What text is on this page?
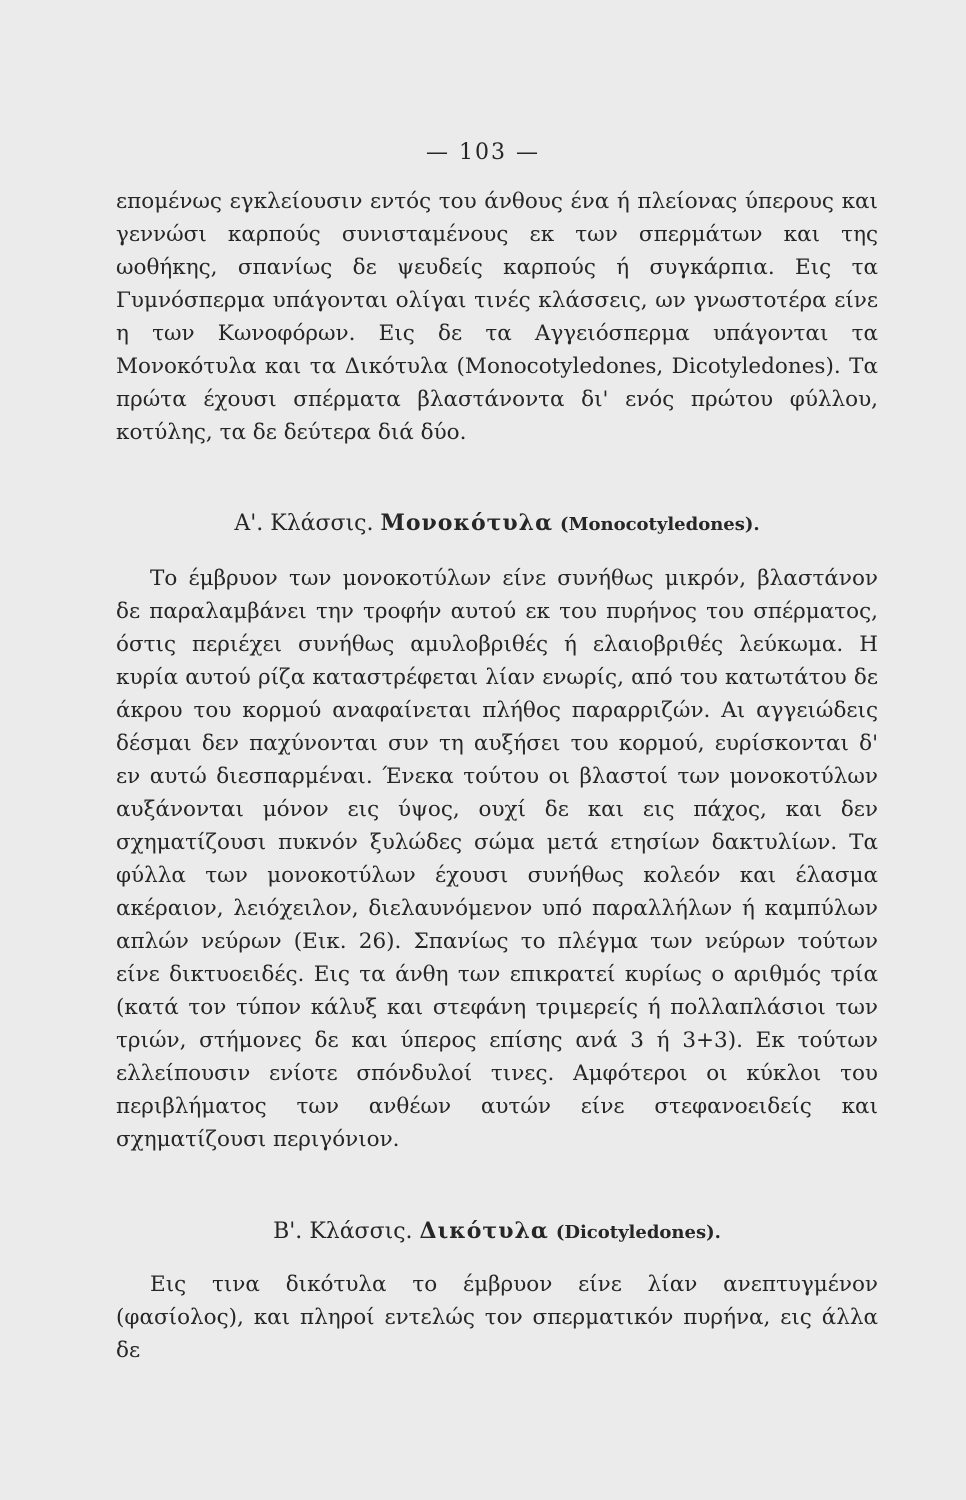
— 103 —

επομένως εγκλείουσιν εντός του άνθους ένα ή πλείονας ύπερους και γεννώσι καρπούς συνισταμένους εκ των σπερμάτων και της ωοθήκης, σπανίως δε ψευδείς καρπούς ή συγκάρπια. Εις τα Γυμνόσπερμα υπάγονται ολίγαι τινές κλάσσεις, ων γνωστοτέρα είνε η των Κωνοφόρων. Εις δε τα Αγγειόσπερμα υπάγονται τα Μονοκότυλα και τα Δικότυλα (Monocotyledones, Dicotyledones). Τα πρώτα έχουσι σπέρματα βλαστάνοντα δι' ενός πρώτου φύλλου, κοτύλης, τα δε δεύτερα διά δύο.

Α'. Κλάσσις. Μονοκότυλα (Monocotyledones).

Το έμβρυον των μονοκοτύλων είνε συνήθως μικρόν, βλαστάνον δε παραλαμβάνει την τροφήν αυτού εκ του πυρήνος του σπέρματος, όστις περιέχει συνήθως αμυλοβριθές ή ελαιοβριθές λεύκωμα. Η κυρία αυτού ρίζα καταστρέφεται λίαν ενωρίς, από του κατωτάτου δε άκρου του κορμού αναφαίνεται πλήθος παραρριζών. Αι αγγειώδεις δέσμαι δεν παχύνονται συν τη αυξήσει του κορμού, ευρίσκονται δ' εν αυτώ διεσπαρμέναι. Ένεκα τούτου οι βλαστοί των μονοκοτύλων αυξάνονται μόνον εις ύψος, ουχί δε και εις πάχος, και δεν σχηματίζουσι πυκνόν ξυλώδες σώμα μετά ετησίων δακτυλίων. Τα φύλλα των μονοκοτύλων έχουσι συνήθως κολεόν και έλασμα ακέραιον, λειόχειλον, διελαυνόμενον υπό παραλλήλων ή καμπύλων απλών νεύρων (Εικ. 26). Σπανίως το πλέγμα των νεύρων τούτων είνε δικτυοειδές. Εις τα άνθη των επικρατεί κυρίως ο αριθμός τρία (κατά τον τύπον κάλυξ και στεφάνη τριμερείς ή πολλαπλάσιοι των τριών, στήμονες δε και ύπερος επίσης ανά 3 ή 3+3). Εκ τούτων ελλείπουσιν ενίοτε σπόνδυλοί τινες. Αμφότεροι οι κύκλοι του περιβλήματος των ανθέων αυτών είνε στεφανοειδείς και σχηματίζουσι περιγόνιον.

Β'. Κλάσσις. Δικότυλα (Dicotyledones).

Εις τινα δικότυλα το έμβρυον είνε λίαν ανεπτυγμένον (φασίολος), και πληροί εντελώς τον σπερματικόν πυρήνα, εις άλλα δε
